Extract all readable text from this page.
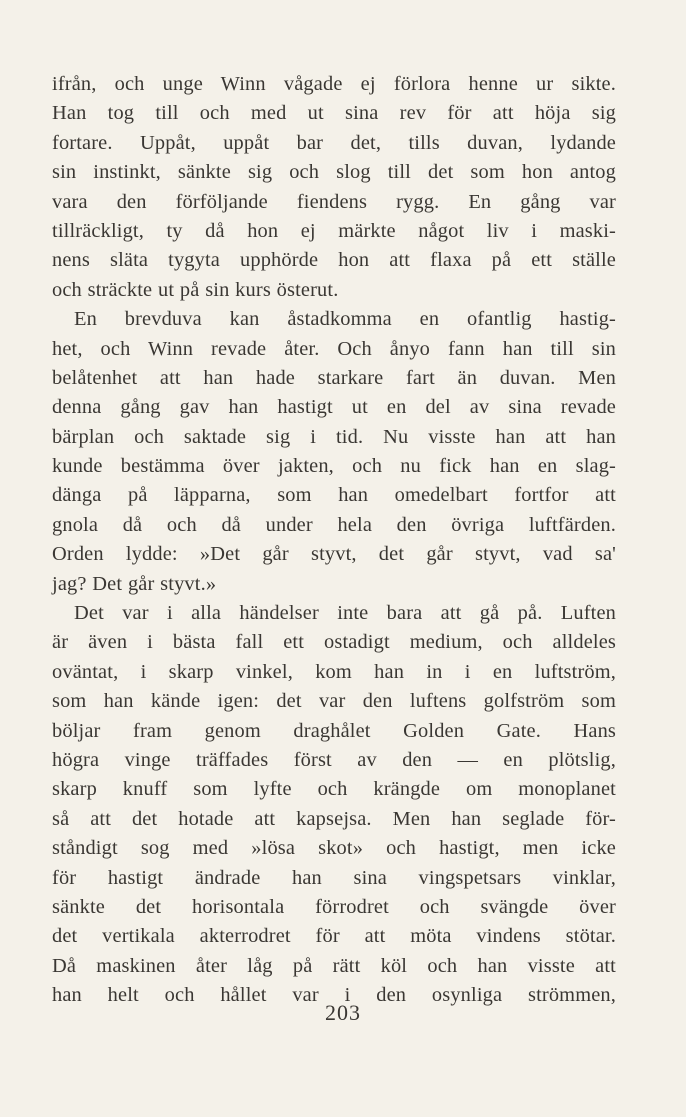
ifrån, och unge Winn vågade ej förlora henne ur sikte.
Han tog till och med ut sina rev för att höja sig
fortare. Uppåt, uppåt bar det, tills duvan, lydande
sin instinkt, sänkte sig och slog till det som hon antog
vara den förföljande fiendens rygg. En gång var
tillräckligt, ty då hon ej märkte något liv i maski-
nens släta tygyta upphörde hon att flaxa på ett ställe
och sträckte ut på sin kurs österut.
En brevduva kan åstadkomma en ofantlig hastig-
het, och Winn revade åter. Och ånyo fann han till sin
belåtenhet att han hade starkare fart än duvan. Men
denna gång gav han hastigt ut en del av sina revade
bärplan och saktade sig i tid. Nu visste han att han
kunde bestämma över jakten, och nu fick han en slag-
dänga på läpparna, som han omedelbart fortfor att
gnola då och då under hela den övriga luftfärden.
Orden lydde: »Det går styvt, det går styvt, vad sa'
jag? Det går styvt.»
Det var i alla händelser inte bara att gå på. Luften
är även i bästa fall ett ostadigt medium, och alldeles
oväntat, i skarp vinkel, kom han in i en luftström,
som han kände igen: det var den luftens golfström som
böljar fram genom draghålet Golden Gate. Hans
högra vinge träffades först av den — en plötslig,
skarp knuff som lyfte och krängde om monoplanet
så att det hotade att kapsejsa. Men han seglade för-
ståndigt sog med »lösa skot» och hastigt, men icke
för hastigt ändrade han sina vingspetsars vinklar,
sänkte det horisontala förrodret och svängde över
det vertikala akterrodret för att möta vindens stötar.
Då maskinen åter låg på rätt köl och han visste att
han helt och hållet var i den osynliga strömmen,
203
